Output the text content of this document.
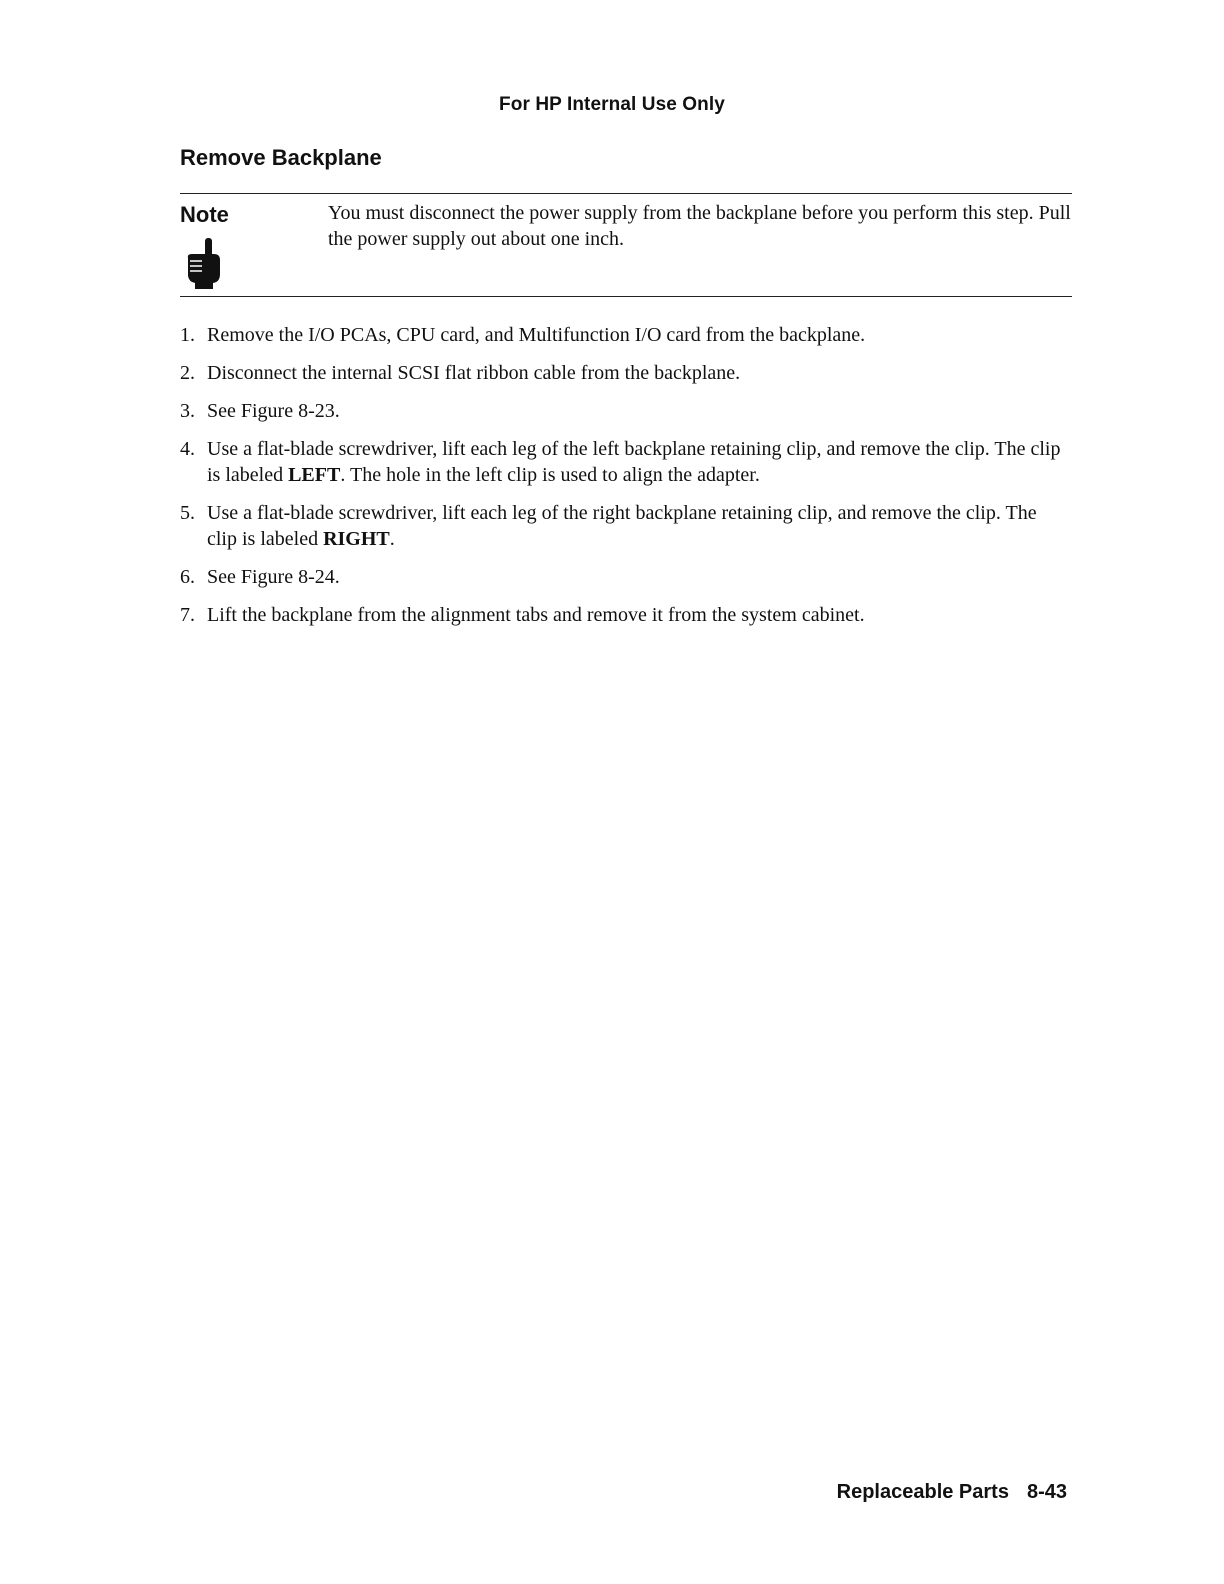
For HP Internal Use Only
Remove Backplane
Note	You must disconnect the power supply from the backplane before you perform this step. Pull the power supply out about one inch.
1. Remove the I/O PCAs, CPU card, and Multifunction I/O card from the backplane.
2. Disconnect the internal SCSI flat ribbon cable from the backplane.
3. See Figure 8-23.
4. Use a flat-blade screwdriver, lift each leg of the left backplane retaining clip, and remove the clip. The clip is labeled LEFT. The hole in the left clip is used to align the adapter.
5. Use a flat-blade screwdriver, lift each leg of the right backplane retaining clip, and remove the clip. The clip is labeled RIGHT.
6. See Figure 8-24.
7. Lift the backplane from the alignment tabs and remove it from the system cabinet.
Replaceable Parts 8-43
